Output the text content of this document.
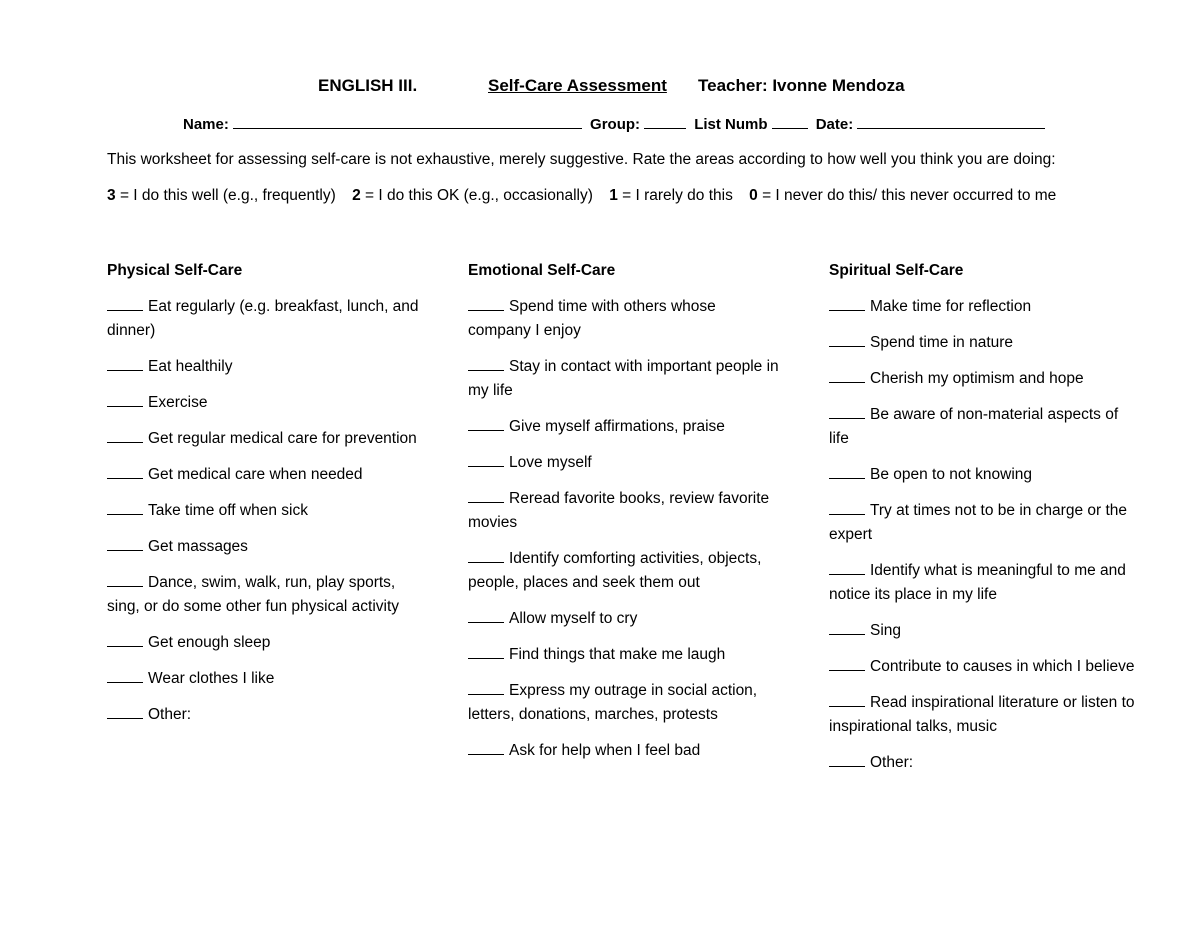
ENGLISH III.	Self-Care Assessment Teacher: Ivonne Mendoza
Name:	Group:	List Numb	Date:
This worksheet for assessing self-care is not exhaustive, merely suggestive. Rate the areas according to how well you think you are doing:
3 = I do this well (e.g., frequently) 2 = I do this OK (e.g., occasionally) 1 = I rarely do this 0 = I never do this/ this never occurred to me
Physical Self-Care
Eat regularly (e.g. breakfast, lunch, and dinner)
Eat healthily
Exercise
Get regular medical care for prevention
Get medical care when needed
Take time off when sick
Get massages
Dance, swim, walk, run, play sports, sing, or do some other fun physical activity
Get enough sleep
Wear clothes I like
Other:
Emotional Self-Care
Spend time with others whose company I enjoy
Stay in contact with important people in my life
Give myself affirmations, praise
Love myself
Reread favorite books, review favorite movies
Identify comforting activities, objects, people, places and seek them out
Allow myself to cry
Find things that make me laugh
Express my outrage in social action, letters, donations, marches, protests
Ask for help when I feel bad
Spiritual Self-Care
Make time for reflection
Spend time in nature
Cherish my optimism and hope
Be aware of non-material aspects of life
Be open to not knowing
Try at times not to be in charge or the expert
Identify what is meaningful to me and notice its place in my life
Sing
Contribute to causes in which I believe
Read inspirational literature or listen to inspirational talks, music
Other:
